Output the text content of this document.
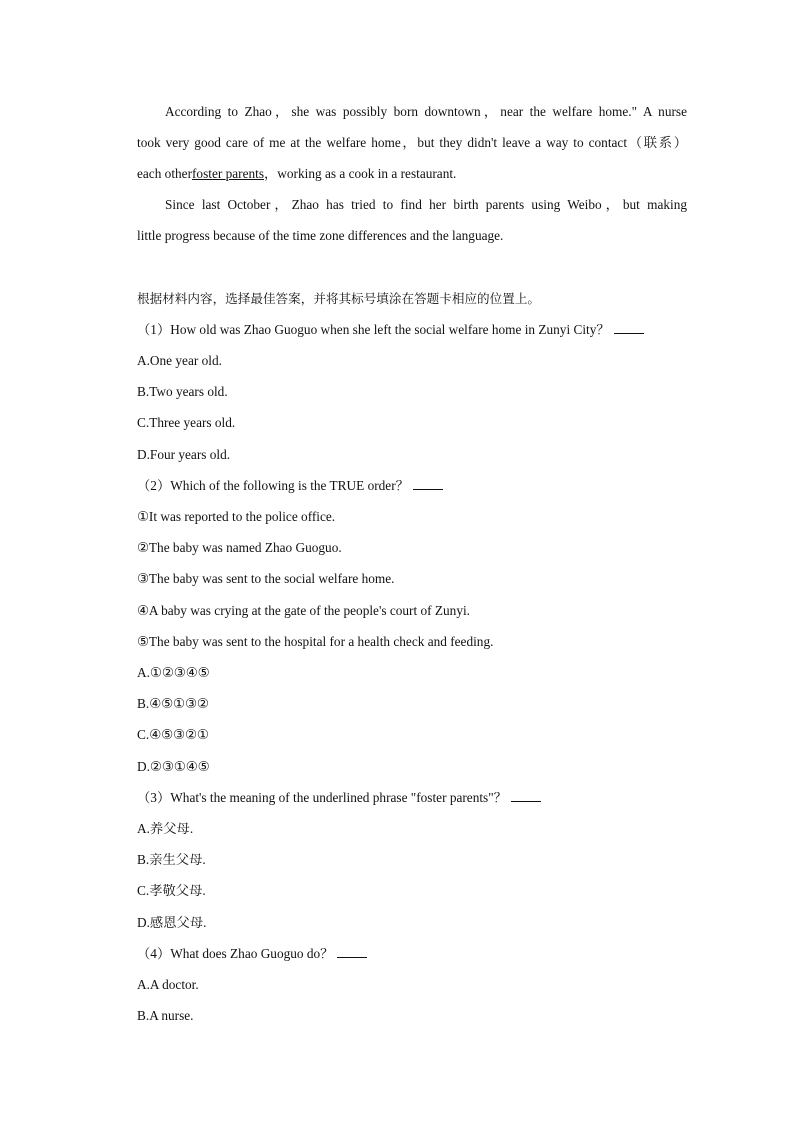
According to Zhao，she was possibly born downtown，near the welfare home." A nurse
took very good care of me at the welfare home，but they didn't leave a way to contact（联系）
each otherfoster parents，working as a cook in a restaurant.
Since last October，Zhao has tried to find her birth parents using Weibo，but making
little progress because of the time zone differences and the language.
根据材料内容，选择最佳答案，并将其标号填涂在答题卡相应的位置上。
（1）How old was Zhao Guoguo when she left the social welfare home in Zunyi City？
A.One year old.
B.Two years old.
C.Three years old.
D.Four years old.
（2）Which of the following is the TRUE order？
①It was reported to the police office.
②The baby was named Zhao Guoguo.
③The baby was sent to the social welfare home.
④A baby was crying at the gate of the people's court of Zunyi.
⑤The baby was sent to the hospital for a health check and feeding.
A.①②③④⑤
B.④⑤①③②
C.④⑤③②①
D.②③①④⑤
（3）What's the meaning of the underlined phrase "foster parents"？
A.养父母.
B.亲生父母.
C.孝敬父母.
D.感恩父母.
（4）What does Zhao Guoguo do？
A.A doctor.
B.A nurse.
